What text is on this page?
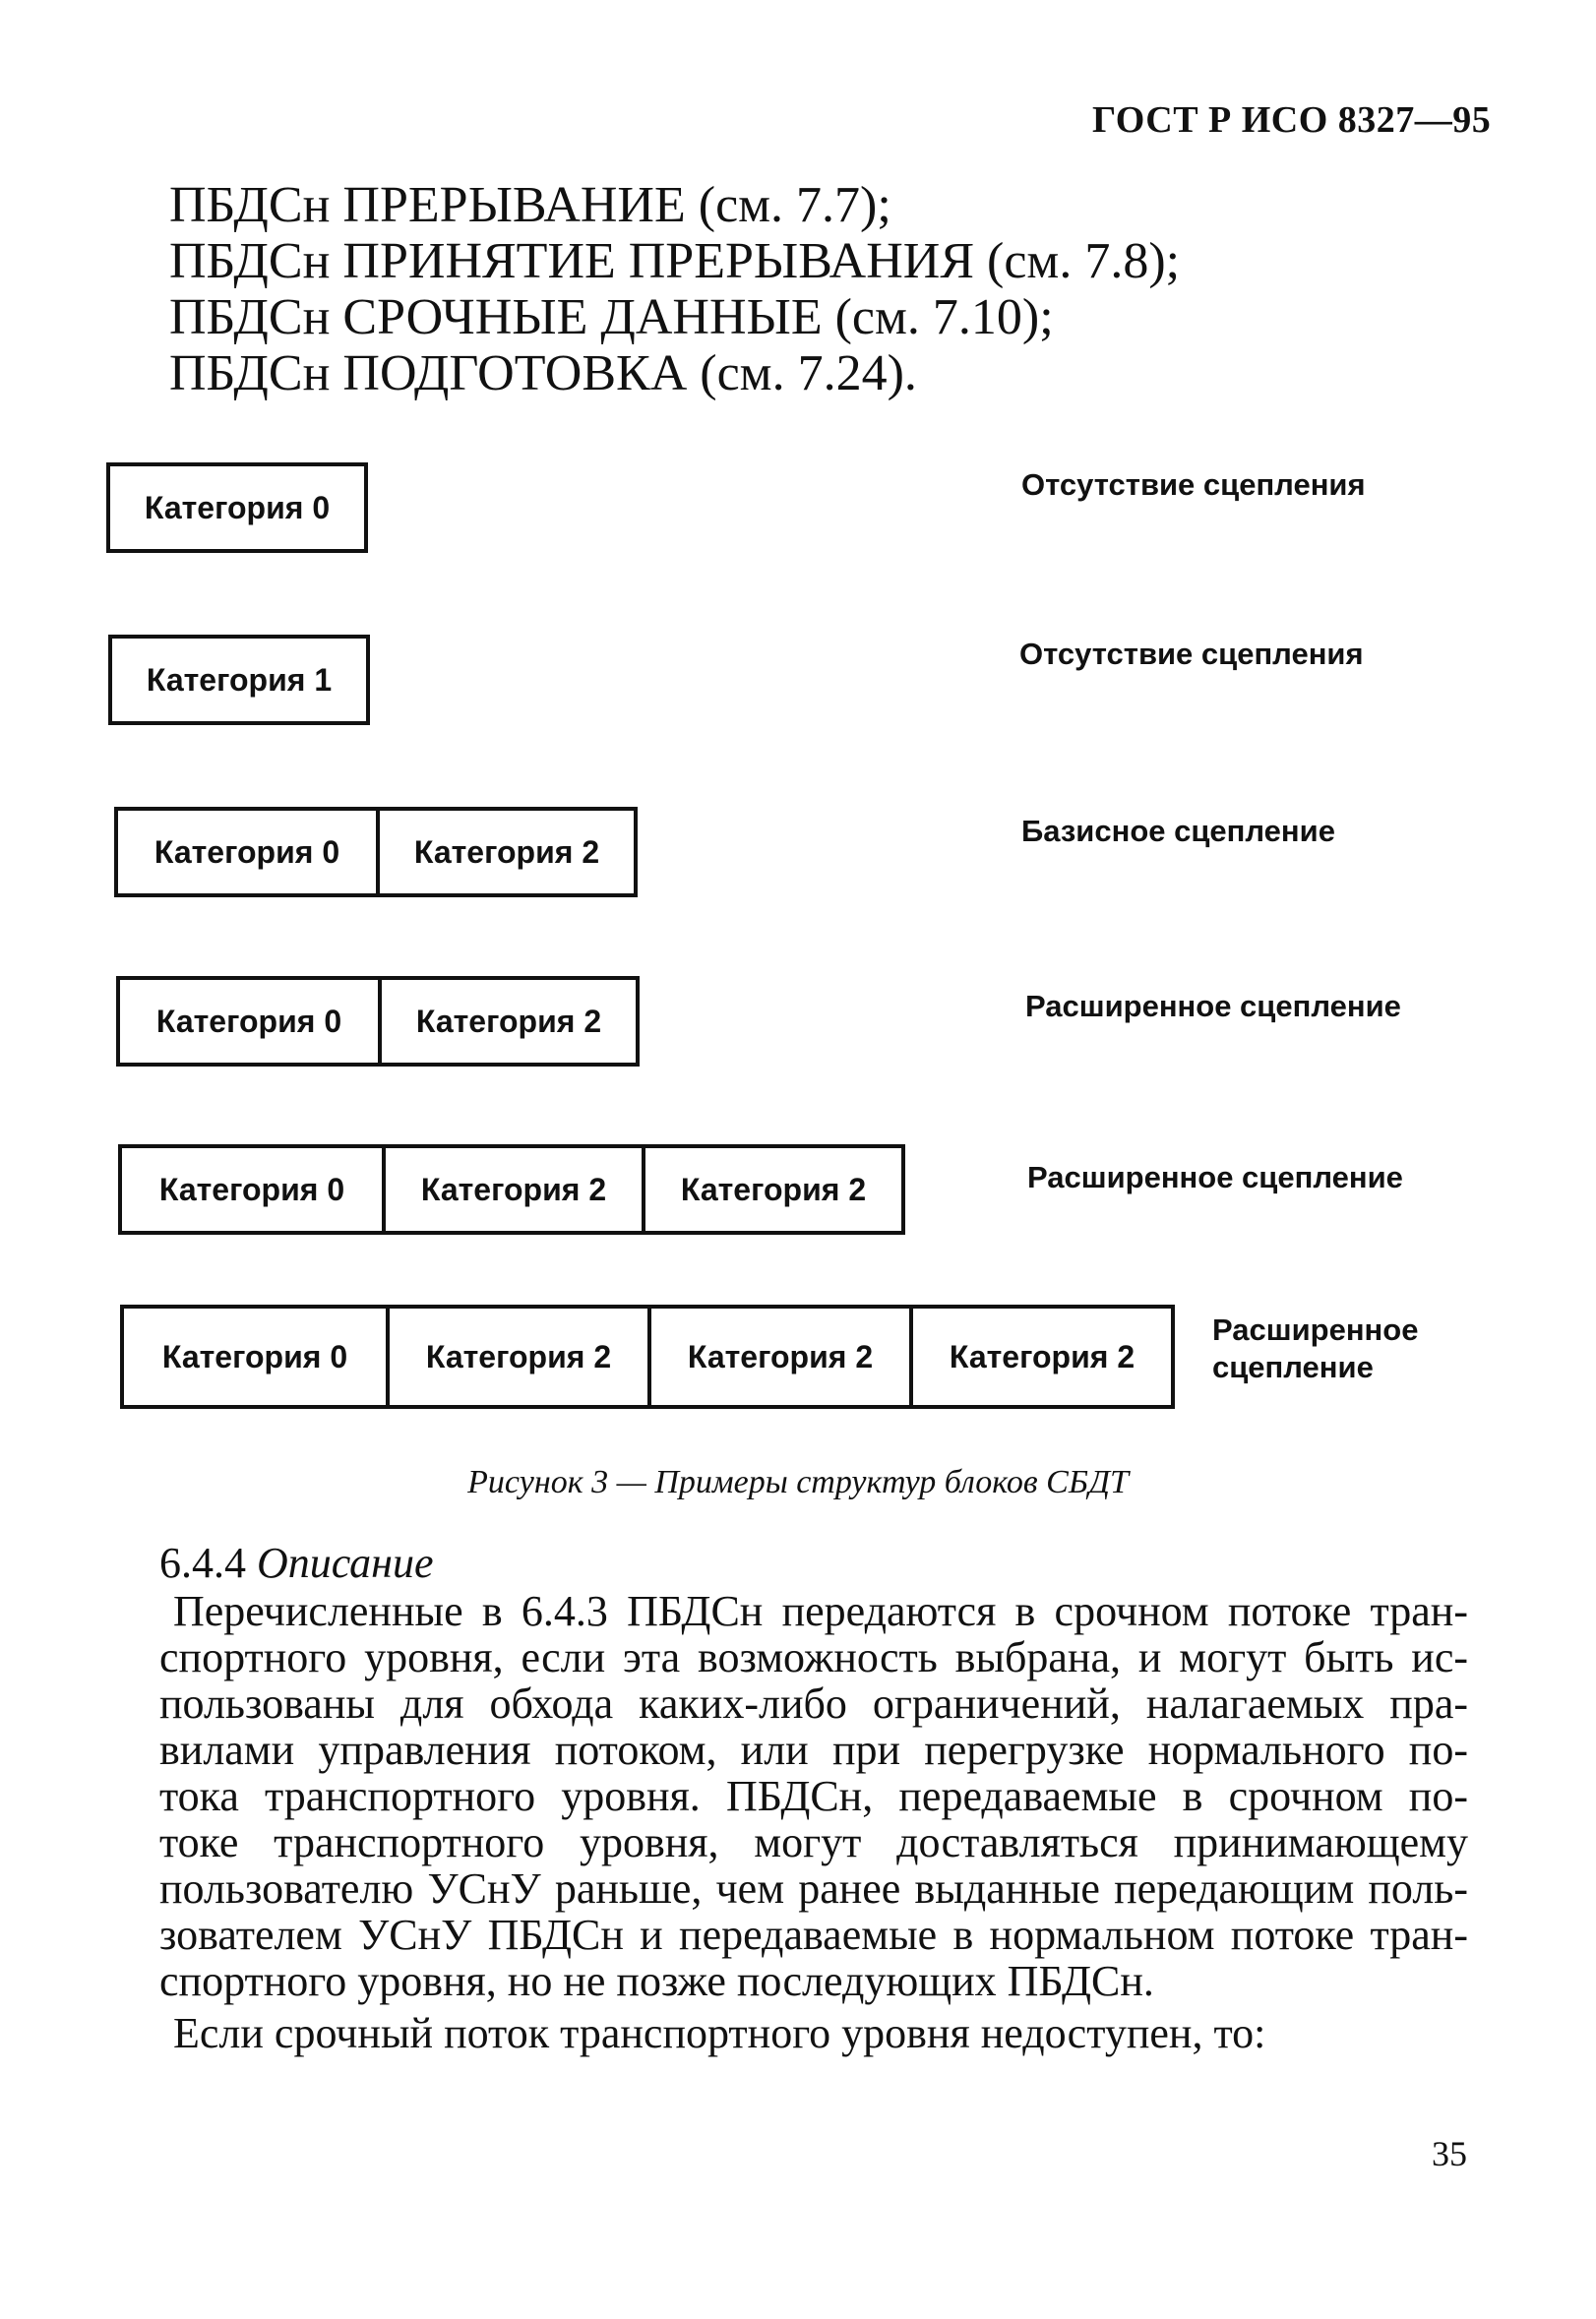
ГОСТ Р ИСО 8327—95
ПБДСн ПРЕРЫВАНИЕ (см. 7.7);
ПБДСн ПРИНЯТИЕ ПРЕРЫВАНИЯ (см. 7.8);
ПБДСн СРОЧНЫЕ ДАННЫЕ (см. 7.10);
ПБДСн ПОДГОТОВКА (см. 7.24).
Категория 0
Отсутствие сцепления
Категория 1
Отсутствие сцепления
Категория 0	Категория 2
Базисное сцепление
Категория 0	Категория 2	Расширенное сцепление
Категория 0	Категория 2	Категория 2	Расширенное сцепление
Категория 0	Категория 2	Категория 2	Категория 2
Расширенное
сцепление
Рисунок 3 — Примеры структур блоков СБДТ
6.4.4 Описание
Перечисленные в 6.4.3 ПБДСн передаются в срочном потоке тран-
спортного уровня, если эта возможность выбрана, и могут быть ис-
пользованы для обхода каких-либо ограничений, налагаемых пра-
вилами управления потоком, или при перегрузке нормального по-
тока транспортного уровня. ПБДСн, передаваемые в срочном по-
токе транспортного уровня, могут доставляться принимающему
пользователю УСнУ раньше, чем ранее выданные передающим поль-
зователем УСнУ ПБДСн и передаваемые в нормальном потоке тран-
спортного уровня, но не позже последующих ПБДСн.
Если срочный поток транспортного уровня недоступен, то:
35
